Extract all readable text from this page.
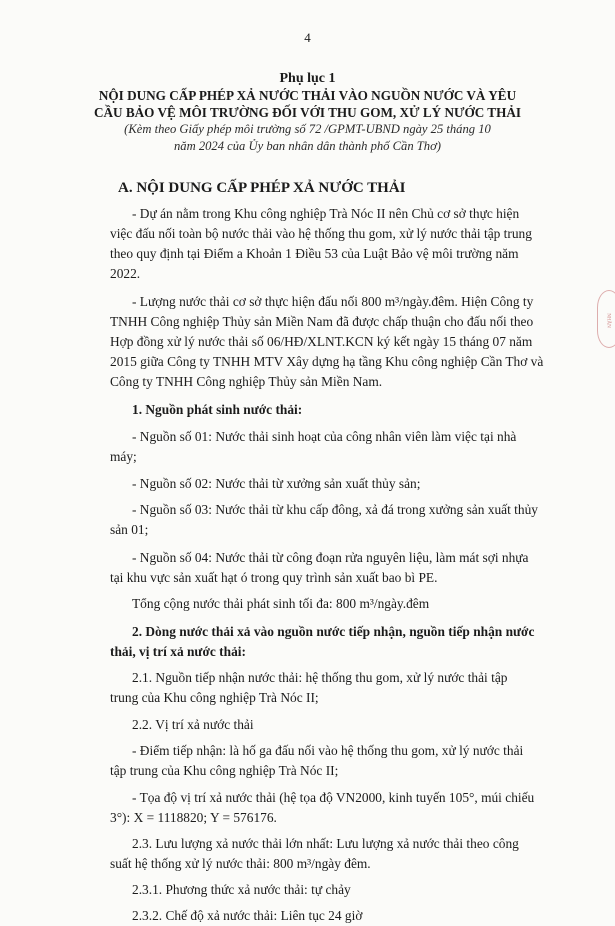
4
Phụ lục 1
NỘI DUNG CẤP PHÉP XẢ NƯỚC THẢI VÀO NGUỒN NƯỚC VÀ YÊU
CẦU BẢO VỆ MÔI TRƯỜNG ĐỐI VỚI THU GOM, XỬ LÝ NƯỚC THẢI
(Kèm theo Giấy phép môi trường số 72 /GPMT-UBND ngày 25 tháng 10
năm 2024 của Ủy ban nhân dân thành phố Cần Thơ)
A. NỘI DUNG CẤP PHÉP XẢ NƯỚC THẢI
- Dự án nằm trong Khu công nghiệp Trà Nóc II nên Chủ cơ sở thực hiện
việc đấu nối toàn bộ nước thải vào hệ thống thu gom, xử lý nước thải tập trung
theo quy định tại Điểm a Khoản 1 Điều 53 của Luật Bảo vệ môi trường năm
2022.
- Lượng nước thải cơ sở thực hiện đấu nối 800 m³/ngày.đêm. Hiện Công ty
TNHH Công nghiệp Thủy sản Miền Nam đã được chấp thuận cho đấu nối theo
Hợp đồng xử lý nước thải số 06/HĐ/XLNT.KCN ký kết ngày 15 tháng 07 năm
2015 giữa Công ty TNHH MTV Xây dựng hạ tầng Khu công nghiệp Cần Thơ và
Công ty TNHH Công nghiệp Thủy sản Miền Nam.
1. Nguồn phát sinh nước thải:
- Nguồn số 01: Nước thải sinh hoạt của công nhân viên làm việc tại nhà
máy;
- Nguồn số 02: Nước thải từ xưởng sản xuất thủy sản;
- Nguồn số 03: Nước thải từ khu cấp đông, xả đá trong xưởng sản xuất thủy
sản 01;
- Nguồn số 04: Nước thải từ công đoạn rửa nguyên liệu, làm mát sợi nhựa
tại khu vực sản xuất hạt ó trong quy trình sản xuất bao bì PE.
Tổng cộng nước thải phát sinh tối đa: 800 m³/ngày.đêm
2. Dòng nước thải xả vào nguồn nước tiếp nhận, nguồn tiếp nhận nước
thải, vị trí xả nước thải:
2.1. Nguồn tiếp nhận nước thải: hệ thống thu gom, xử lý nước thải tập
trung của Khu công nghiệp Trà Nóc II;
2.2. Vị trí xả nước thải
- Điểm tiếp nhận: là hố ga đấu nối vào hệ thống thu gom, xử lý nước thải
tập trung của Khu công nghiệp Trà Nóc II;
- Tọa độ vị trí xả nước thải (hệ tọa độ VN2000, kinh tuyến 105°, múi chiếu
3°): X = 1118820; Y = 576176.
2.3. Lưu lượng xả nước thải lớn nhất: Lưu lượng xả nước thải theo công
suất hệ thống xử lý nước thải: 800 m³/ngày đêm.
2.3.1. Phương thức xả nước thải: tự chảy
2.3.2. Chế độ xả nước thải: Liên tục 24 giờ
NHÂN
